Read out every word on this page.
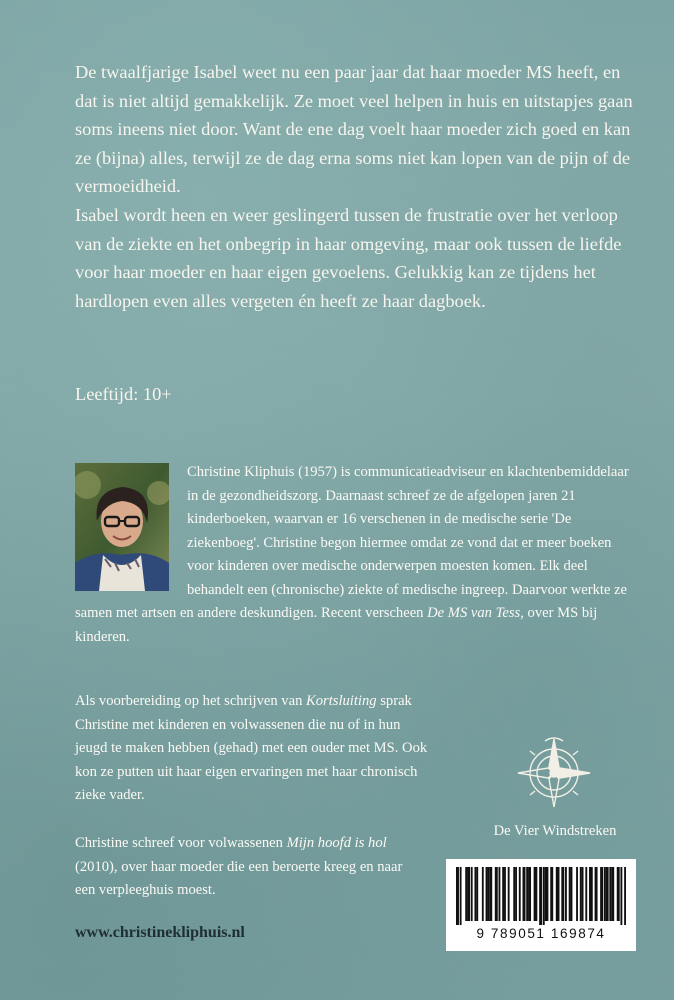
De twaalfjarige Isabel weet nu een paar jaar dat haar moeder MS heeft, en dat is niet altijd gemakkelijk. Ze moet veel helpen in huis en uitstapjes gaan soms ineens niet door. Want de ene dag voelt haar moeder zich goed en kan ze (bijna) alles, terwijl ze de dag erna soms niet kan lopen van de pijn of de vermoeidheid.

Isabel wordt heen en weer geslingerd tussen de frustratie over het verloop van de ziekte en het onbegrip in haar omgeving, maar ook tussen de liefde voor haar moeder en haar eigen gevoelens. Gelukkig kan ze tijdens het hardlopen even alles vergeten én heeft ze haar dagboek.

Leeftijd: 10+

Christine Kliphuis (1957) is communicatieadviseur en klachtenbemiddelaar in de gezondheidszorg. Daarnaast schreef ze de afgelopen jaren 21 kinderboeken, waarvan er 16 verschenen in de medische serie 'De ziekenboeg'. Christine begon hiermee omdat ze vond dat er meer boeken voor kinderen over medische onderwerpen moesten komen. Elk deel behandelt een (chronische) ziekte of medische ingreep. Daarvoor werkte ze samen met artsen en andere deskundigen. Recent verscheen De MS van Tess, over MS bij kinderen.

Als voorbereiding op het schrijven van Kortsluiting sprak Christine met kinderen en volwassenen die nu of in hun jeugd te maken hebben (gehad) met een ouder met MS. Ook kon ze putten uit haar eigen ervaringen met haar chronisch zieke vader.

Christine schreef voor volwassenen Mijn hoofd is hol (2010), over haar moeder die een beroerte kreeg en naar een verpleeghuis moest.

www.christinekliphuis.nl
De Vier Windstreken
9 789051 169874
